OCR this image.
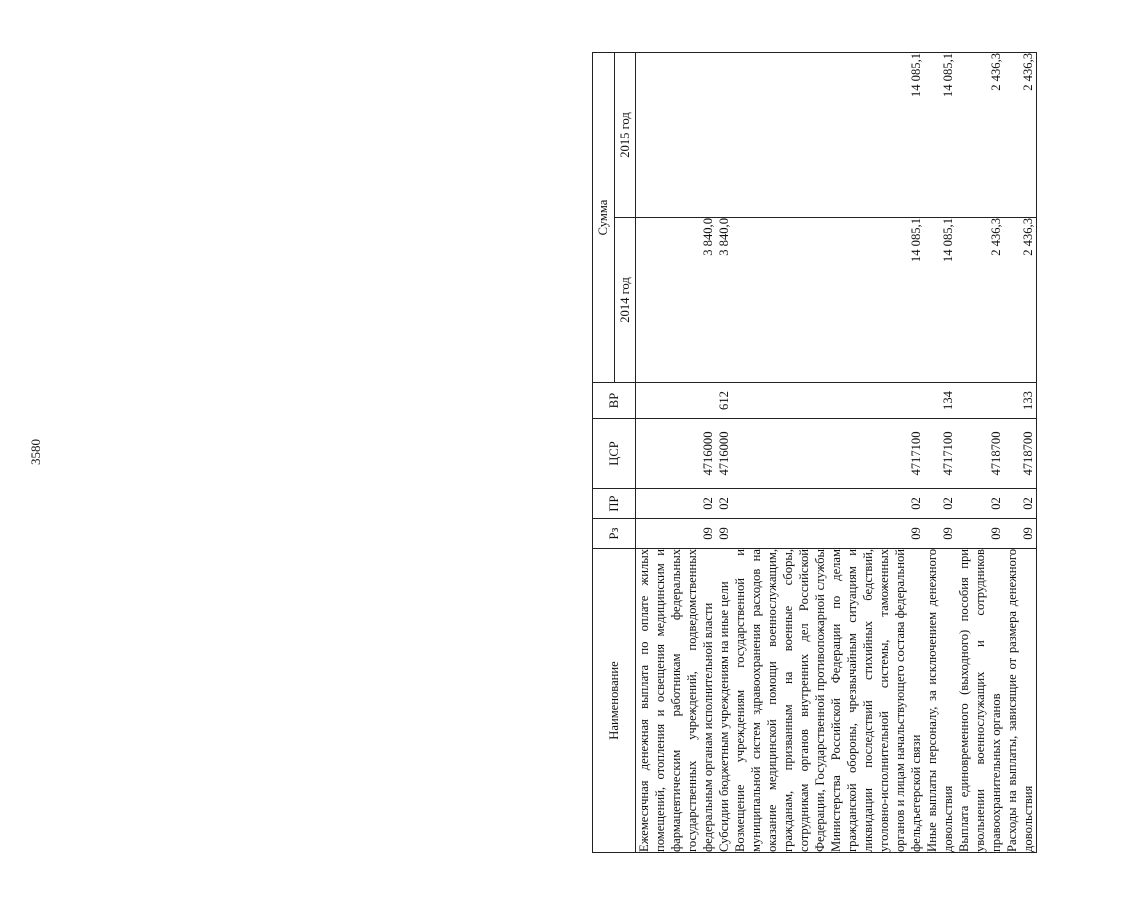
3580
Наименование	Рз	ПР	ЦСР	ВР	Сумма	
					2014 год	2015 год
Ежемесячная денежная выплата по оплате жилых помещений, отопления и освещения медицинским и фармацевтическим работникам федеральных государственных учреждений, подведомственных федеральным органам исполнительной власти	09	02	4716000		3 840,0	
Субсидии бюджетным учреждениям на иные цели	09	02	4716000	612	3 840,0	
Возмещение учреждениям государственной и муниципальной систем здравоохранения расходов на оказание медицинской помощи военнослужащим, гражданам, призванным на военные сборы, сотрудникам органов внутренних дел Российской Федерации, Государственной противопожарной службы Министерства Российской Федерации по делам гражданской обороны, чрезвычайным ситуациям и ликвидации последствий стихийных бедствий, уголовно-исполнительной системы, таможенных органов и лицам начальствующего состава федеральной фельдъегерской связи	09	02	4717100		14 085,1	14 085,1
Иные выплаты персоналу, за исключением денежного довольствия	09	02	4717100	134	14 085,1	14 085,1
Выплата единовременного (выходного) пособия при увольнении военнослужащих и сотрудников правоохранительных органов	09	02	4718700		2 436,3	2 436,3
Расходы на выплаты, зависящие от размера денежного довольствия	09	02	4718700	133	2 436,3	2 436,3
